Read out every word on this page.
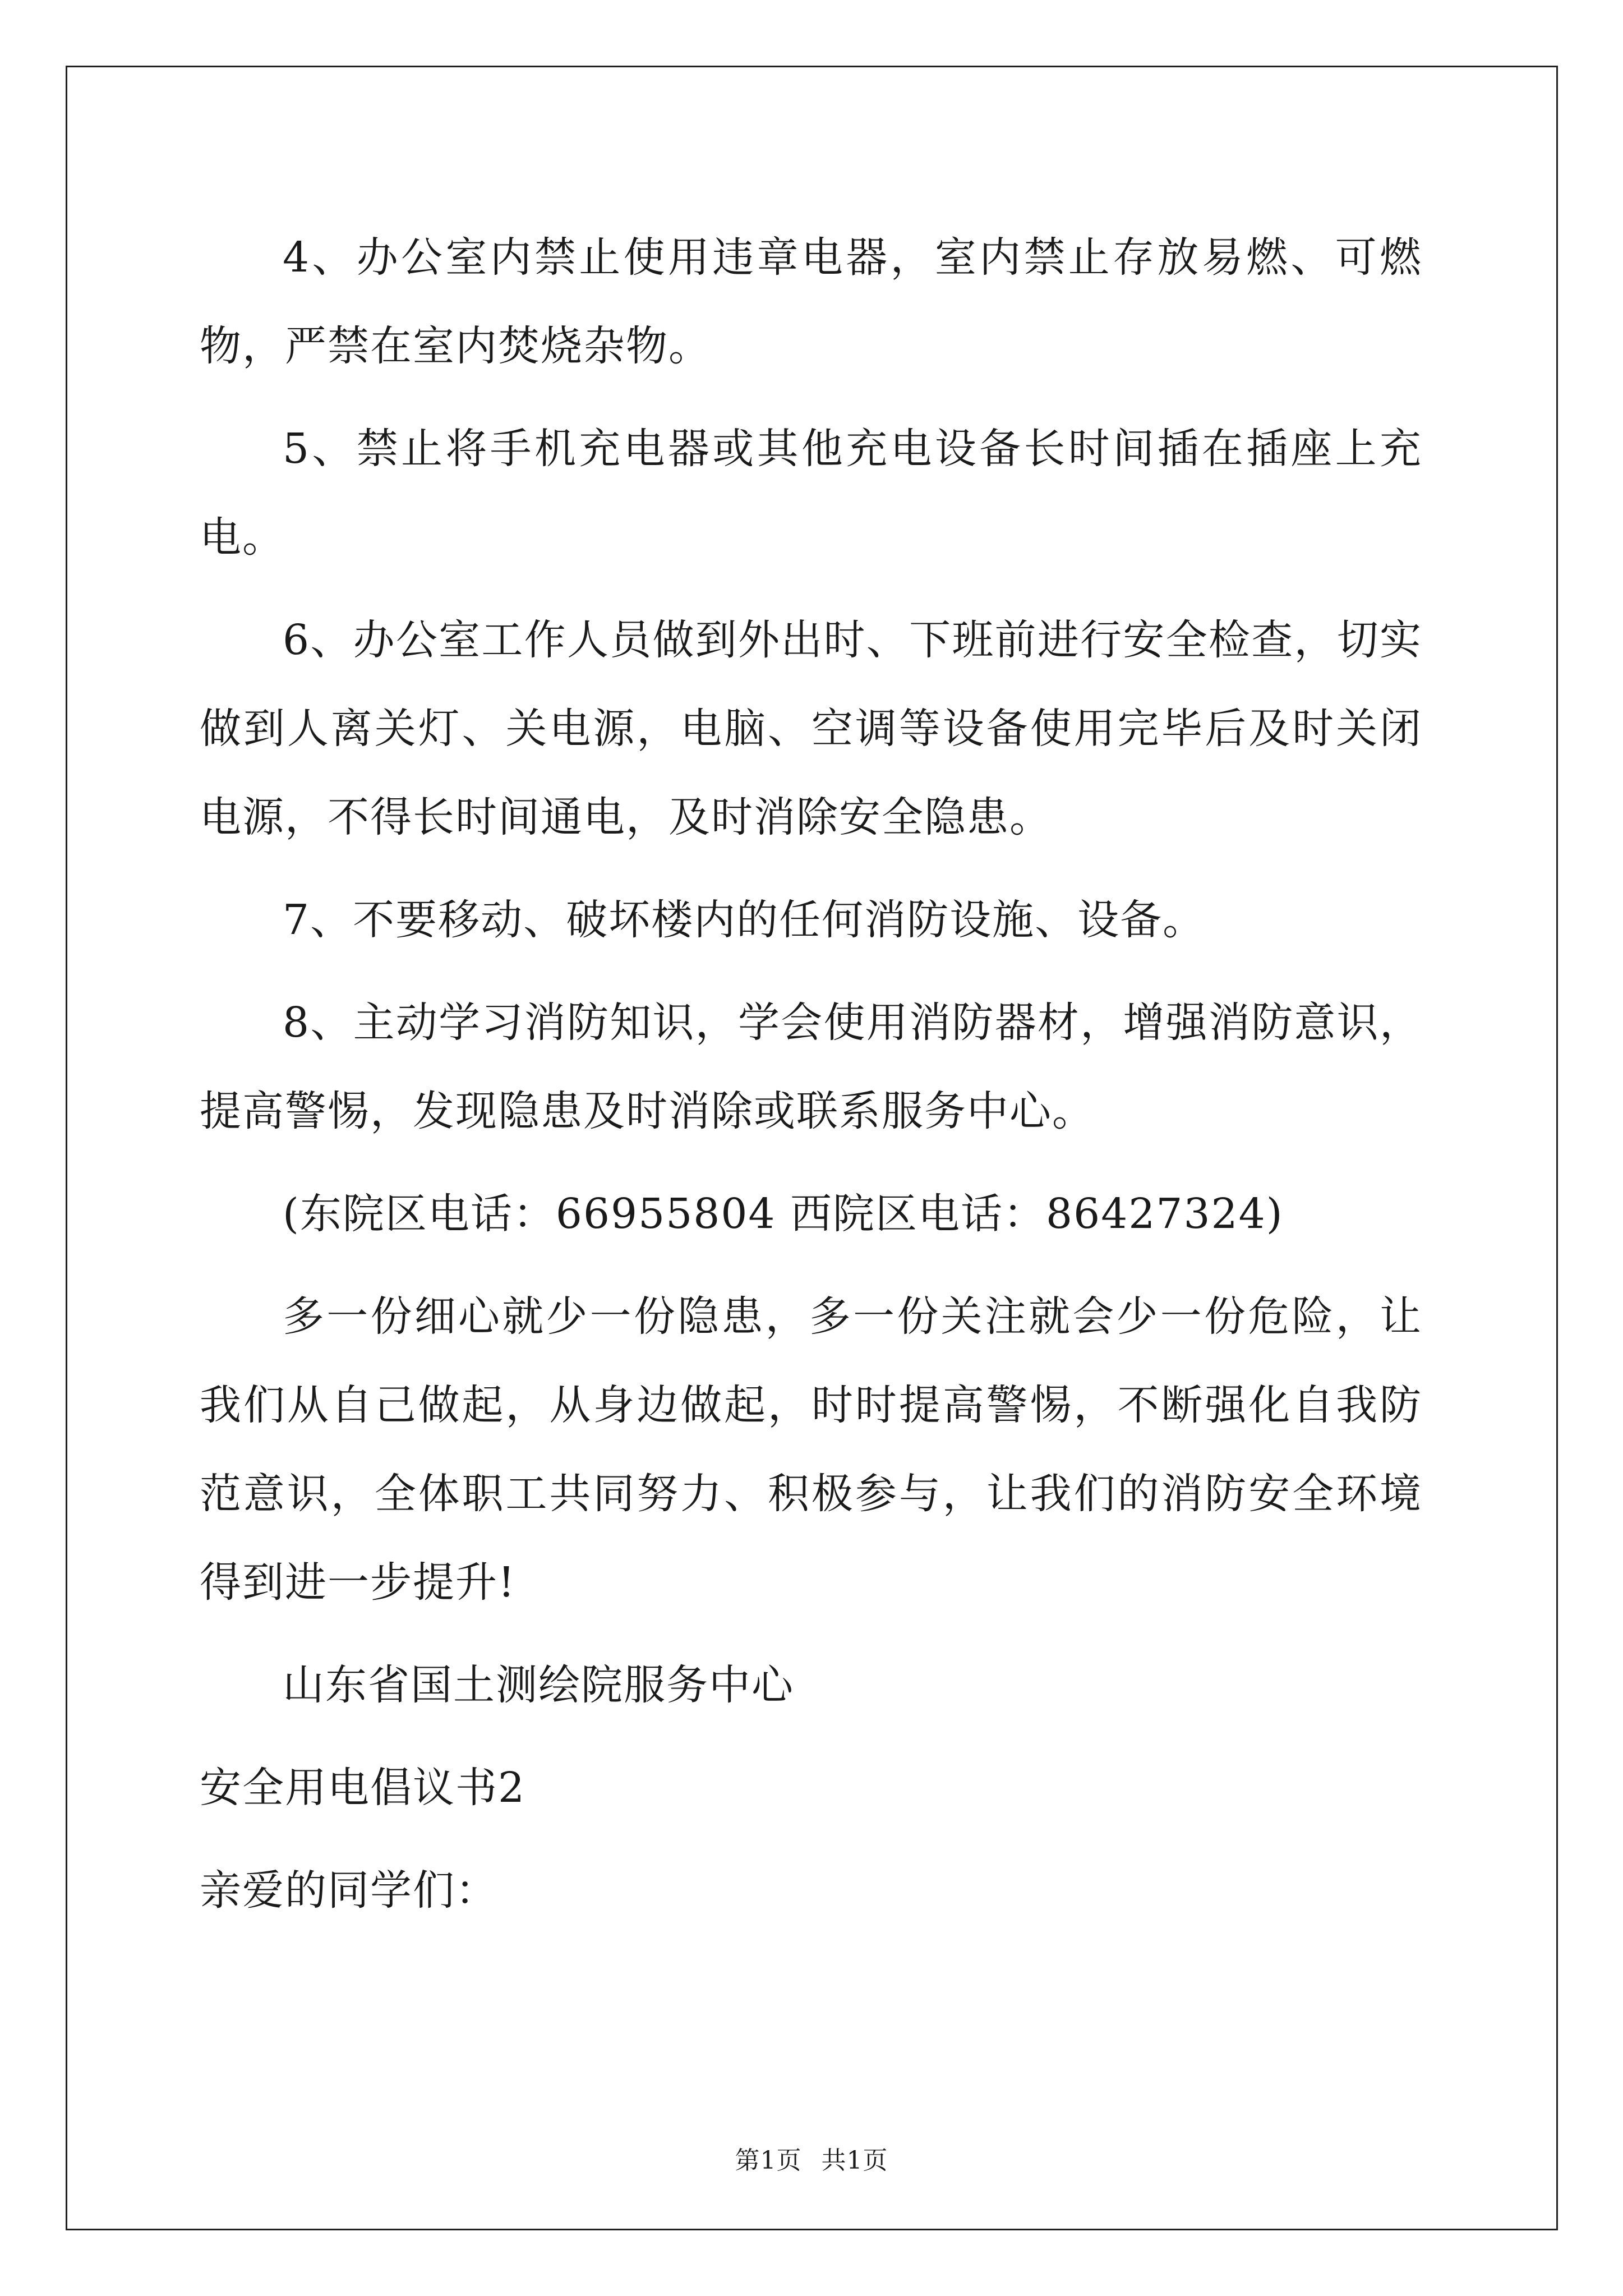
4、办公室内禁止使用违章电器，室内禁止存放易燃、可燃物，严禁在室内焚烧杂物。

5、禁止将手机充电器或其他充电设备长时间插在插座上充电。

6、办公室工作人员做到外出时、下班前进行安全检查，切实做到人离关灯、关电源，电脑、空调等设备使用完毕后及时关闭电源，不得长时间通电，及时消除安全隐患。

7、不要移动、破坏楼内的任何消防设施、设备。

8、主动学习消防知识，学会使用消防器材，增强消防意识，提高警惕，发现隐患及时消除或联系服务中心。

(东院区电话：66955804 西院区电话：86427324)

多一份细心就少一份隐患，多一份关注就会少一份危险，让我们从自己做起，从身边做起，时时提高警惕，不断强化自我防范意识，全体职工共同努力、积极参与，让我们的消防安全环境得到进一步提升!

山东省国土测绘院服务中心

安全用电倡议书2

亲爱的同学们：

第1页 共1页
